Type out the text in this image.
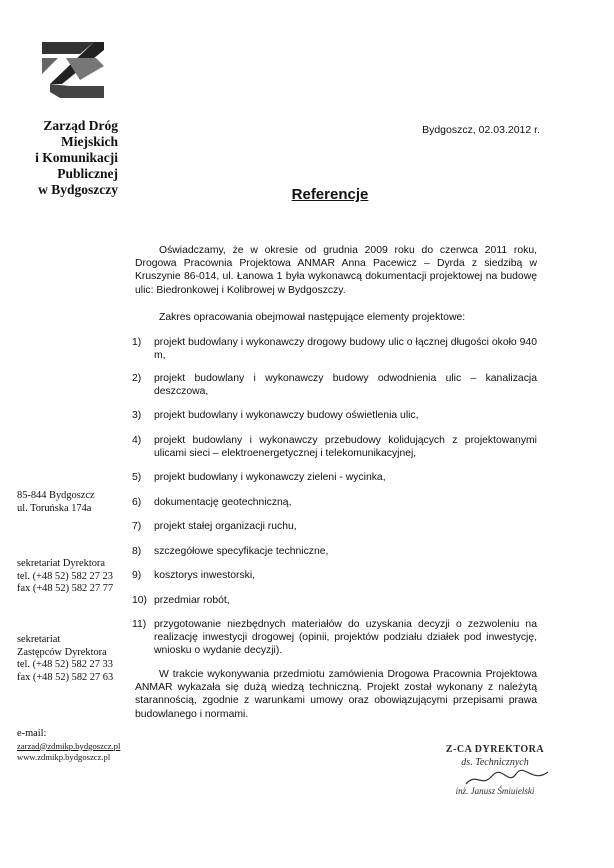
Zarząd Dróg
Miejskich
i Komunikacji
Publicznej
w Bydgoszczy
Bydgoszcz, 02.03.2012 r.
Referencje
Oświadczamy, że w okresie od grudnia 2009 roku do czerwca 2011 roku, Drogowa Pracownia Projektowa ANMAR Anna Pacewicz – Dyrda z siedzibą w Kruszynie 86-014, ul. Łanowa 1 była wykonawcą dokumentacji projektowej na budowę ulic: Biedronkowej i Kolibrowej w Bydgoszczy.
Zakres opracowania obejmował następujące elementy projektowe:
1) projekt budowlany i wykonawczy drogowy budowy ulic o łącznej długości około 940 m,
2) projekt budowlany i wykonawczy budowy odwodnienia ulic – kanalizacja deszczowa,
3) projekt budowlany i wykonawczy budowy oświetlenia ulic,
4) projekt budowlany i wykonawczy przebudowy kolidujących z projektowanymi ulicami sieci – elektroenergetycznej i telekomunikacyjnej,
5) projekt budowlany i wykonawczy zieleni - wycinka,
6) dokumentację geotechniczną,
7) projekt stałej organizacji ruchu,
8) szczegółowe specyfikacje techniczne,
9) kosztorys inwestorski,
10) przedmiar robót,
11) przygotowanie niezbędnych materiałów do uzyskania decyzji o zezwoleniu na realizację inwestycji drogowej (opinii, projektów podziału działek pod inwestycję, wniosku o wydanie decyzji).
W trakcie wykonywania przedmiotu zamówienia Drogowa Pracownia Projektowa ANMAR wykazała się dużą wiedzą techniczną. Projekt został wykonany z należytą starannością, zgodnie z warunkami umowy oraz obowiązującymi przepisami prawa budowlanego i normami.
85-844 Bydgoszcz
ul. Toruńska 174a
sekretariat Dyrektora
tel. (+48 52) 582 27 23
fax (+48 52) 582 27 77
sekretariat
Zastępców Dyrektora
tel. (+48 52) 582 27 33
fax (+48 52) 582 27 63
e-mail:
zarzad@zdmikp.bydgoszcz.pl
www.zdmikp.bydgoszcz.pl
Z-CA DYREKTORA
ds. Technicznych
inż. Janusz Śmiuielski
